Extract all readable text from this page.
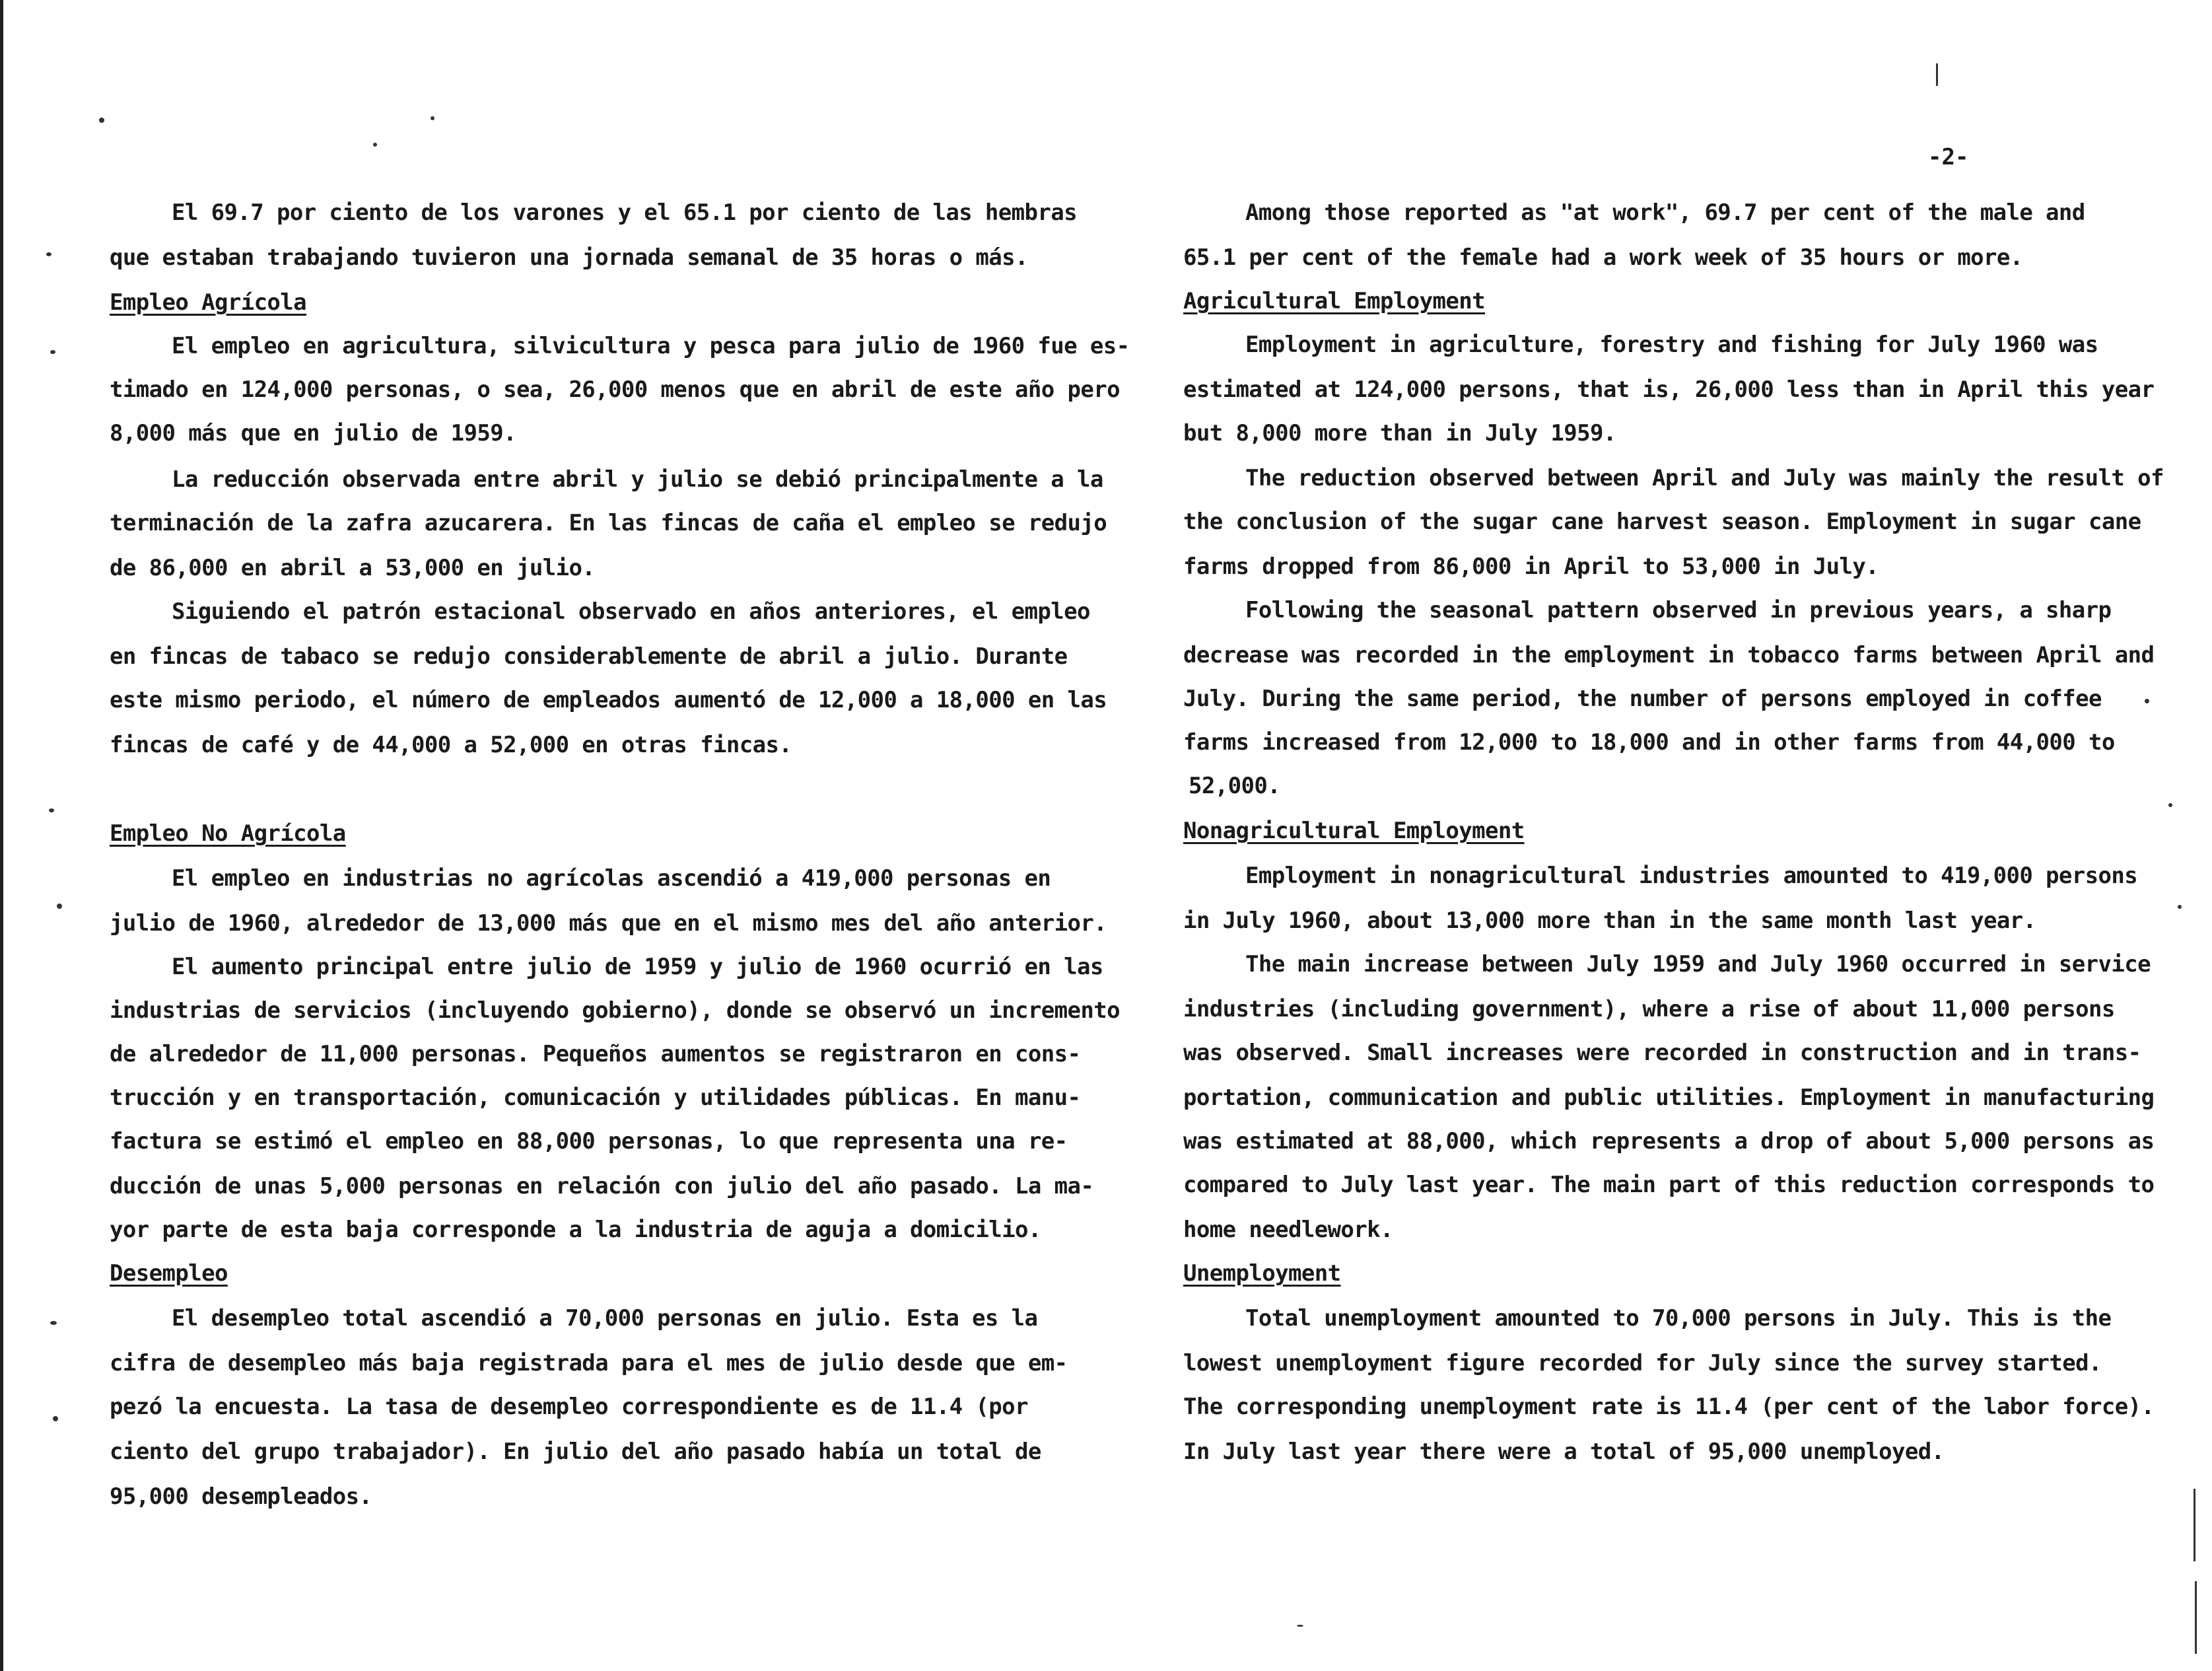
-2-
El 69.7 por ciento de los varones y el 65.1 por ciento de las hembras
que estaban trabajando tuvieron una jornada semanal de 35 horas o más.
Empleo Agrícola
El empleo en agricultura, silvicultura y pesca para julio de 1960 fue es-
timado en 124,000 personas, o sea, 26,000 menos que en abril de este año pero
8,000 más que en julio de 1959.
La reducción observada entre abril y julio se debió principalmente a la
terminación de la zafra azucarera. En las fincas de caña el empleo se redujo
de 86,000 en abril a 53,000 en julio.
Siguiendo el patrón estacional observado en años anteriores, el empleo
en fincas de tabaco se redujo considerablemente de abril a julio. Durante
este mismo periodo, el número de empleados aumentó de 12,000 a 18,000 en las
fincas de café y de 44,000 a 52,000 en otras fincas.
Empleo No Agrícola
El empleo en industrias no agrícolas ascendió a 419,000 personas en
julio de 1960, alrededor de 13,000 más que en el mismo mes del año anterior.
El aumento principal entre julio de 1959 y julio de 1960 ocurrió en las
industrias de servicios (incluyendo gobierno), donde se observó un incremento
de alrededor de 11,000 personas. Pequeños aumentos se registraron en cons-
trucción y en transportación, comunicación y utilidades públicas. En manu-
factura se estimó el empleo en 88,000 personas, lo que representa una re-
ducción de unas 5,000 personas en relación con julio del año pasado. La ma-
yor parte de esta baja corresponde a la industria de aguja a domicilio.
Desempleo
El desempleo total ascendió a 70,000 personas en julio. Esta es la
cifra de desempleo más baja registrada para el mes de julio desde que em-
pezó la encuesta. La tasa de desempleo correspondiente es de 11.4 (por
ciento del grupo trabajador). En julio del año pasado había un total de
95,000 desempleados.
Among those reported as "at work", 69.7 per cent of the male and
65.1 per cent of the female had a work week of 35 hours or more.
Agricultural Employment
Employment in agriculture, forestry and fishing for July 1960 was
estimated at 124,000 persons, that is, 26,000 less than in April this year
but 8,000 more than in July 1959.
The reduction observed between April and July was mainly the result of
the conclusion of the sugar cane harvest season. Employment in sugar cane
farms dropped from 86,000 in April to 53,000 in July.
Following the seasonal pattern observed in previous years, a sharp
decrease was recorded in the employment in tobacco farms between April and
July. During the same period, the number of persons employed in coffee
farms increased from 12,000 to 18,000 and in other farms from 44,000 to
52,000.
Nonagricultural Employment
Employment in nonagricultural industries amounted to 419,000 persons
in July 1960, about 13,000 more than in the same month last year.
The main increase between July 1959 and July 1960 occurred in service
industries (including government), where a rise of about 11,000 persons
was observed. Small increases were recorded in construction and in trans-
portation, communication and public utilities. Employment in manufacturing
was estimated at 88,000, which represents a drop of about 5,000 persons as
compared to July last year. The main part of this reduction corresponds to
home needlework.
Unemployment
Total unemployment amounted to 70,000 persons in July. This is the
lowest unemployment figure recorded for July since the survey started.
The corresponding unemployment rate is 11.4 (per cent of the labor force).
In July last year there were a total of 95,000 unemployed.
